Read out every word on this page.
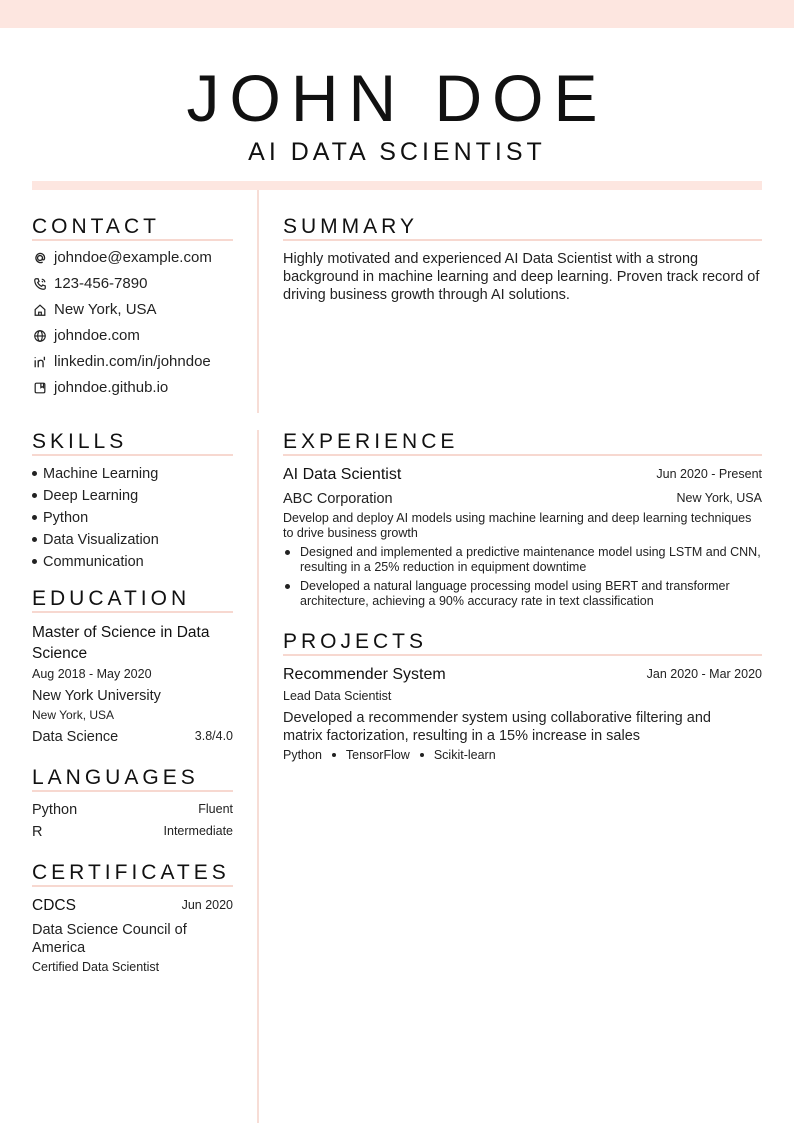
JOHN DOE
AI DATA SCIENTIST
CONTACT
johndoe@example.com
123-456-7890
New York, USA
johndoe.com
linkedin.com/in/johndoe
johndoe.github.io
SUMMARY
Highly motivated and experienced AI Data Scientist with a strong background in machine learning and deep learning. Proven track record of driving business growth through AI solutions.
SKILLS
Machine Learning
Deep Learning
Python
Data Visualization
Communication
EDUCATION
Master of Science in Data Science
Aug 2018 - May 2020
New York University
New York, USA
Data Science	3.8/4.0
LANGUAGES
Python	Fluent
R	Intermediate
CERTIFICATES
CDCS	Jun 2020
Data Science Council of America
Certified Data Scientist
EXPERIENCE
AI Data Scientist	Jun 2020 - Present
ABC Corporation	New York, USA
Develop and deploy AI models using machine learning and deep learning techniques to drive business growth
Designed and implemented a predictive maintenance model using LSTM and CNN, resulting in a 25% reduction in equipment downtime
Developed a natural language processing model using BERT and transformer architecture, achieving a 90% accuracy rate in text classification
PROJECTS
Recommender System	Jan 2020 - Mar 2020
Lead Data Scientist
Developed a recommender system using collaborative filtering and matrix factorization, resulting in a 15% increase in sales
Python TensorFlow Scikit-learn
